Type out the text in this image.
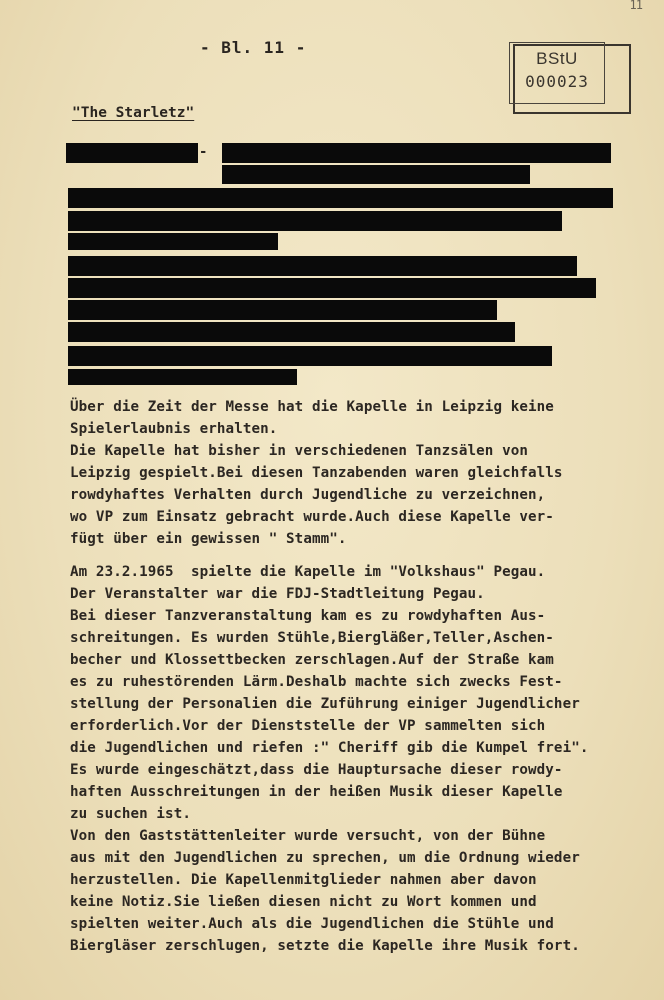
11
- Bl. 11 -
BStU
000023
"The Starletz"
-
Über die Zeit der Messe hat die Kapelle in Leipzig keine
Spielerlaubnis erhalten.
Die Kapelle hat bisher in verschiedenen Tanzsälen von
Leipzig gespielt.Bei diesen Tanzabenden waren gleichfalls
rowdyhaftes Verhalten durch Jugendliche zu verzeichnen,
wo VP zum Einsatz gebracht wurde.Auch diese Kapelle ver-
fügt über ein gewissen " Stamm".
Am 23.2.1965  spielte die Kapelle im "Volkshaus" Pegau.
Der Veranstalter war die FDJ-Stadtleitung Pegau.
Bei dieser Tanzveranstaltung kam es zu rowdyhaften Aus-
schreitungen. Es wurden Stühle,Biergläßer,Teller,Aschen-
becher und Klossettbecken zerschlagen.Auf der Straße kam
es zu ruhestörenden Lärm.Deshalb machte sich zwecks Fest-
stellung der Personalien die Zuführung einiger Jugendlicher
erforderlich.Vor der Dienststelle der VP sammelten sich
die Jugendlichen und riefen :" Cheriff gib die Kumpel frei".
Es wurde eingeschätzt,dass die Hauptursache dieser rowdy-
haften Ausschreitungen in der heißen Musik dieser Kapelle
zu suchen ist.
Von den Gaststättenleiter wurde versucht, von der Bühne
aus mit den Jugendlichen zu sprechen, um die Ordnung wieder
herzustellen. Die Kapellenmitglieder nahmen aber davon
keine Notiz.Sie ließen diesen nicht zu Wort kommen und
spielten weiter.Auch als die Jugendlichen die Stühle und
Biergläser zerschlugen, setzte die Kapelle ihre Musik fort.
